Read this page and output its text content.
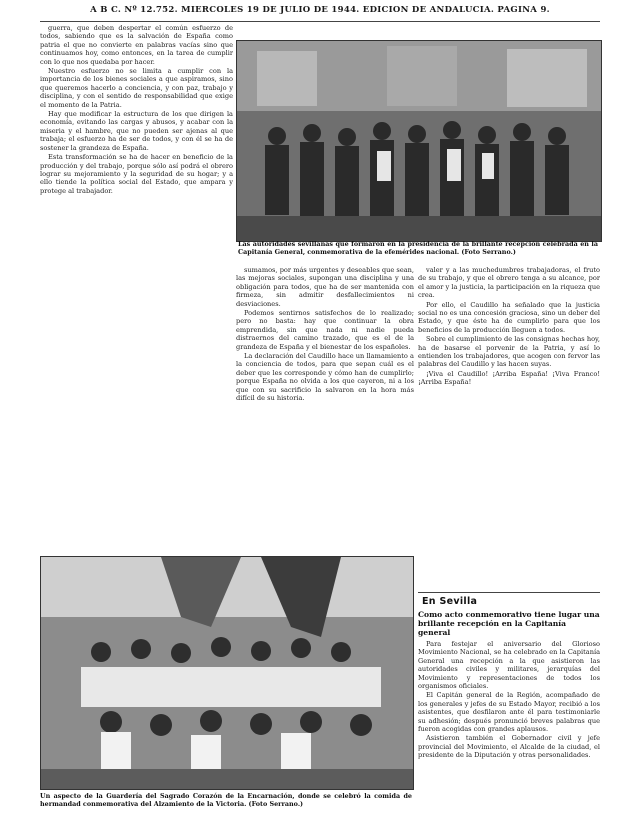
A B C. Nº 12.752. MIERCOLES 19 DE JULIO DE 1944. EDICION DE ANDALUCIA. PAGINA 9.

guerra, que deben despertar el común esfuerzo de todos, sabiendo que es la salvación de España como patria el que no convierte en palabras vacías sino que continuamos hoy, como entonces, en la tarea de cumplir con lo que nos quedaba por hacer.

Nuestro esfuerzo no se limita a cumplir con la importancia de los bienes sociales a que aspiramos, sino que queremos hacerlo a conciencia, y con paz, trabajo y disciplina, y con el sentido de responsabilidad que exige el momento de la Patria.

Hay que modificar la estructura de los que dirigen la economía, evitando las cargas y abusos, y acabar con la miseria y el hambre, que no pueden ser ajenas al que trabaja; el esfuerzo ha de ser de todos, y con él se ha de sostener la grandeza de España.

Esta transformación se ha de hacer en beneficio de la producción y del trabajo, porque sólo así podrá el obrero lograr su mejoramiento y la seguridad de su hogar; y a ello tiende la política social del Estado, que ampara y protege al trabajador.

Las autoridades sevillanas que formaron en la presidencia de la brillante recepción celebrada en la Capitanía General, conmemorativa de la efemérides nacional. (Foto Serrano.)

sumamos, por más urgentes y deseables que sean, las mejoras sociales, supongan una disciplina y una obligación para todos, que ha de ser mantenida con firmeza, sin admitir desfallecimientos ni desviaciones.

Podemos sentirnos satisfechos de lo realizado; pero no basta: hay que continuar la obra emprendida, sin que nada ni nadie pueda distraernos del camino trazado, que es el de la grandeza de España y el bienestar de los españoles.

La declaración del Caudillo hace un llamamiento a la conciencia de todos, para que sepan cuál es el deber que les corresponde y cómo han de cumplirlo; porque España no olvida a los que cayeron, ni a los que con su sacrificio la salvaron en la hora más difícil de su historia.

valer y a las muchedumbres trabajadoras, el fruto de su trabajo, y que el obrero tenga a su alcance, por el amor y la justicia, la participación en la riqueza que crea.

Por ello, el Caudillo ha señalado que la justicia social no es una concesión graciosa, sino un deber del Estado, y que éste ha de cumplirlo para que los beneficios de la producción lleguen a todos.

Sobre el cumplimiento de las consignas hechas hoy, ha de basarse el porvenir de la Patria, y así lo entienden los trabajadores, que acogen con fervor las palabras del Caudillo y las hacen suyas.

¡Viva el Caudillo! ¡Arriba España! ¡Viva Franco! ¡Arriba España!

Un aspecto de la Guardería del Sagrado Corazón de la Encarnación, donde se celebró la comida de hermandad conmemorativa del Alzamiento de la Victoria. (Foto Serrano.)
En Sevilla
Como acto conmemorativo tiene lugar una brillante recepción en la Capitanía general

Para festejar el aniversario del Glorioso Movimiento Nacional, se ha celebrado en la Capitanía General una recepción a la que asistieron las autoridades civiles y militares, jerarquías del Movimiento y representaciones de todos los organismos oficiales.

El Capitán general de la Región, acompañado de los generales y jefes de su Estado Mayor, recibió a los asistentes, que desfilaron ante él para testimoniarle su adhesión; después pronunció breves palabras que fueron acogidas con grandes aplausos.

Asistieron también el Gobernador civil y jefe provincial del Movimiento, el Alcalde de la ciudad, el presidente de la Diputación y otras personalidades.
